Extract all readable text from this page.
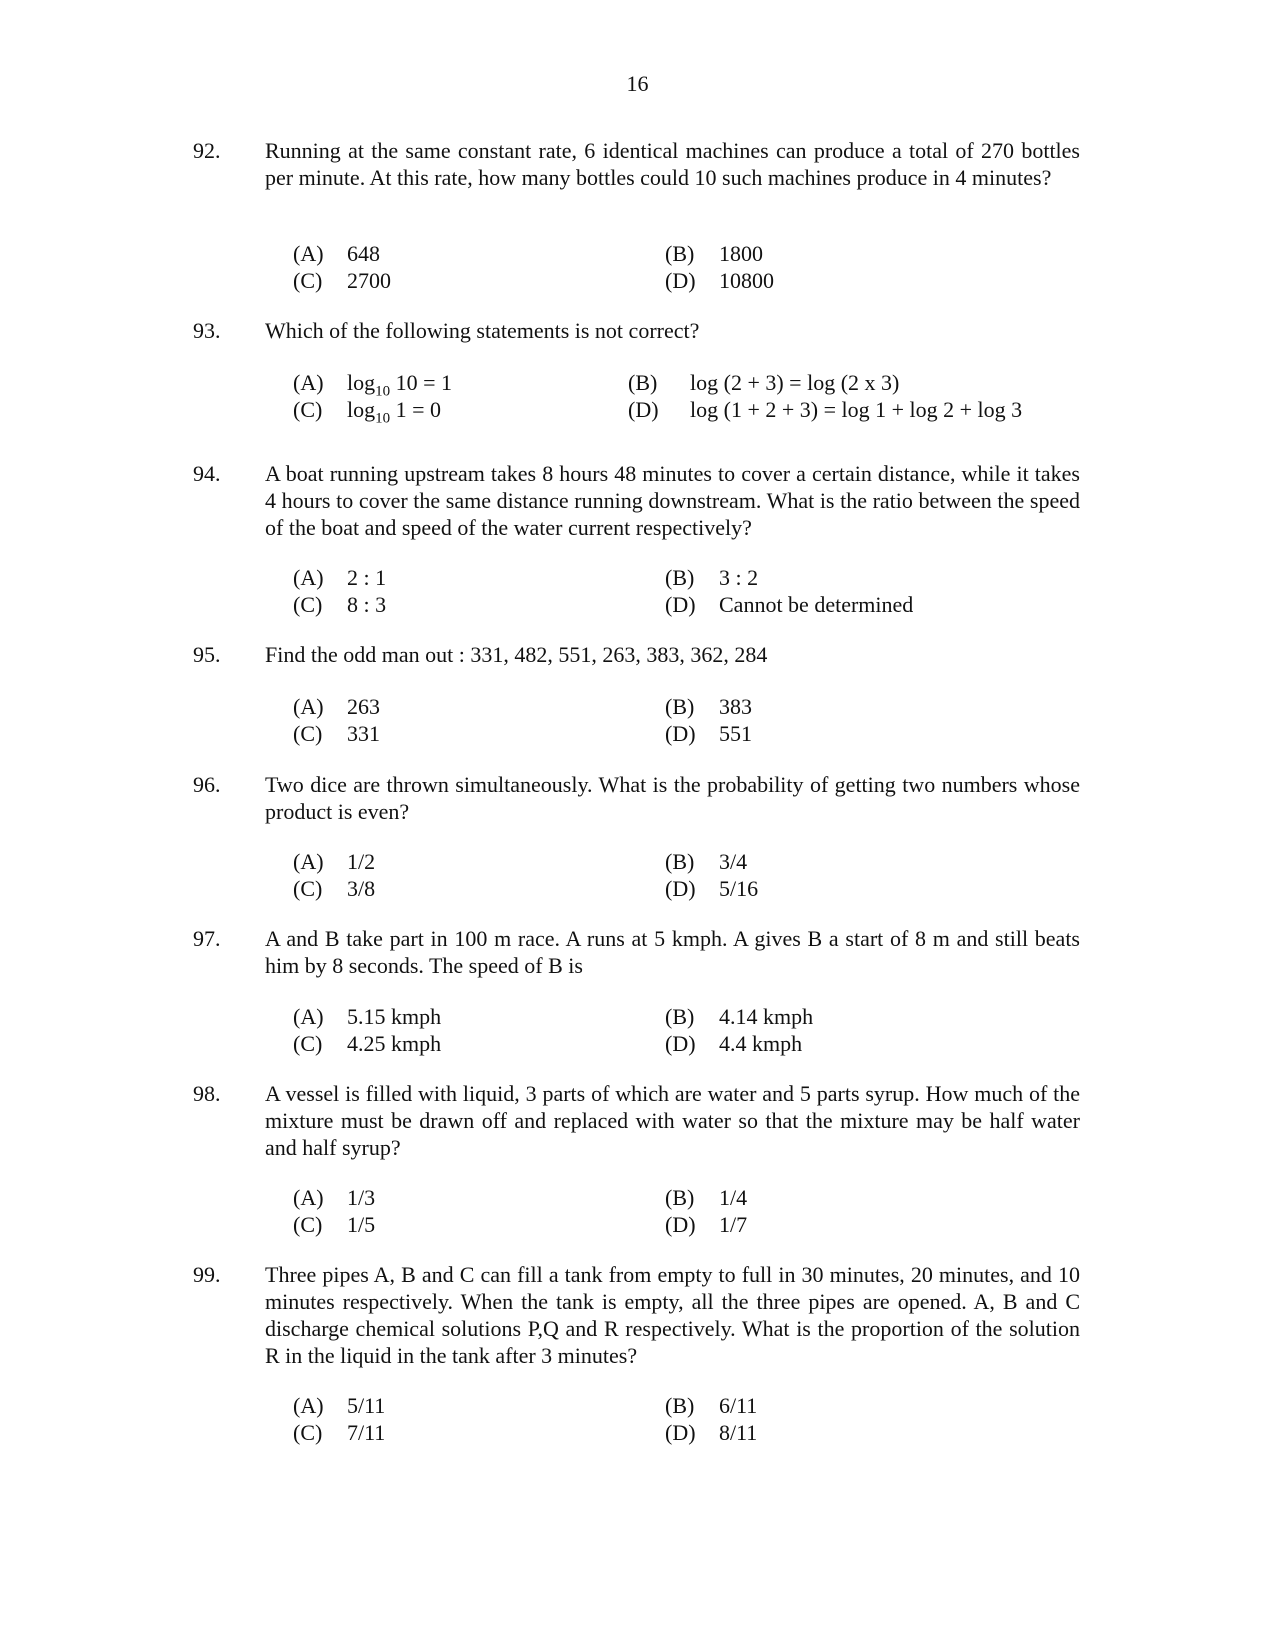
16
92. Running at the same constant rate, 6 identical machines can produce a total of 270 bottles per minute. At this rate, how many bottles could 10 such machines produce in 4 minutes?
(A) 648	(B) 1800
(C) 2700	(D) 10800
93. Which of the following statements is not correct?
(A) $\log_{10} 10 = 1$	(B) log (2 + 3) = log (2 x 3)
(C) $\log_{10} 1 = 0$	(D) log (1 + 2 + 3) = log 1 + log 2 + log 3
94. A boat running upstream takes 8 hours 48 minutes to cover a certain distance, while it takes 4 hours to cover the same distance running downstream. What is the ratio between the speed of the boat and speed of the water current respectively?
(A) 2 : 1	(B) 3 : 2
(C) 8 : 3	(D) Cannot be determined
95. Find the odd man out : 331, 482, 551, 263, 383, 362, 284
(A) 263	(B) 383
(C) 331	(D) 551
96. Two dice are thrown simultaneously. What is the probability of getting two numbers whose product is even?
(A) 1/2	(B) 3/4
(C) 3/8	(D) 5/16
97. A and B take part in 100 m race. A runs at 5 kmph. A gives B a start of 8 m and still beats him by 8 seconds. The speed of B is
(A) 5.15 kmph	(B) 4.14 kmph
(C) 4.25 kmph	(D) 4.4 kmph
98. A vessel is filled with liquid, 3 parts of which are water and 5 parts syrup. How much of the mixture must be drawn off and replaced with water so that the mixture may be half water and half syrup?
(A) 1/3	(B) 1/4
(C) 1/5	(D) 1/7
99. Three pipes A, B and C can fill a tank from empty to full in 30 minutes, 20 minutes, and 10 minutes respectively. When the tank is empty, all the three pipes are opened. A, B and C discharge chemical solutions P,Q and R respectively. What is the proportion of the solution R in the liquid in the tank after 3 minutes?
(A) 5/11	(B) 6/11
(C) 7/11	(D) 8/11
